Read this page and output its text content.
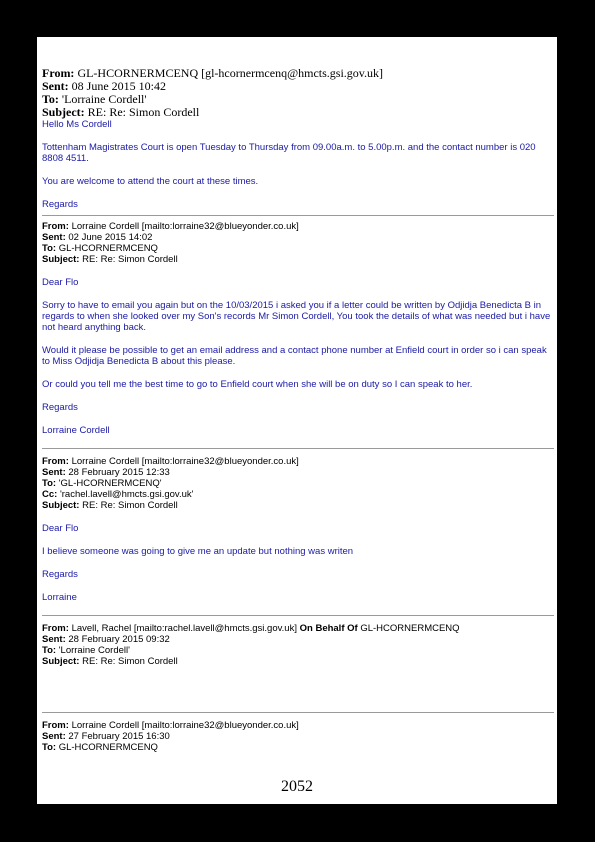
From: GL-HCORNERMCENQ [gl-hcornermcenq@hmcts.gsi.gov.uk]
Sent: 08 June 2015 10:42
To: 'Lorraine Cordell'
Subject: RE: Re: Simon Cordell

Hello Ms Cordell

Tottenham Magistrates Court is open Tuesday to Thursday from 09.00a.m. to 5.00p.m. and the contact number is 020 8808 4511.

You are welcome to attend the court at these times.

Regards

From: Lorraine Cordell [mailto:lorraine32@blueyonder.co.uk]
Sent: 02 June 2015 14:02
To: GL-HCORNERMCENQ
Subject: RE: Re: Simon Cordell

Dear Flo

Sorry to have to email you again but on the 10/03/2015 i asked you if a letter could be written by Odjidja Benedicta B in regards to when she looked over my Son's records Mr Simon Cordell, You took the details of what was needed but i have not heard anything back.

Would it please be possible to get an email address and a contact phone number at Enfield court in order so i can speak to Miss Odjidja Benedicta B about this please.

Or could you tell me the best time to go to Enfield court when she will be on duty so I can speak to her.

Regards

Lorraine Cordell

From: Lorraine Cordell [mailto:lorraine32@blueyonder.co.uk]
Sent: 28 February 2015 12:33
To: 'GL-HCORNERMCENQ'
Cc: 'rachel.lavell@hmcts.gsi.gov.uk'
Subject: RE: Re: Simon Cordell

Dear Flo

I believe someone was going to give me an update but nothing was writen

Regards

Lorraine

From: Lavell, Rachel [mailto:rachel.lavell@hmcts.gsi.gov.uk] On Behalf Of GL-HCORNERMCENQ
Sent: 28 February 2015 09:32
To: 'Lorraine Cordell'
Subject: RE: Re: Simon Cordell
From: Lorraine Cordell [mailto:lorraine32@blueyonder.co.uk]
Sent: 27 February 2015 16:30
To: GL-HCORNERMCENQ
2052
